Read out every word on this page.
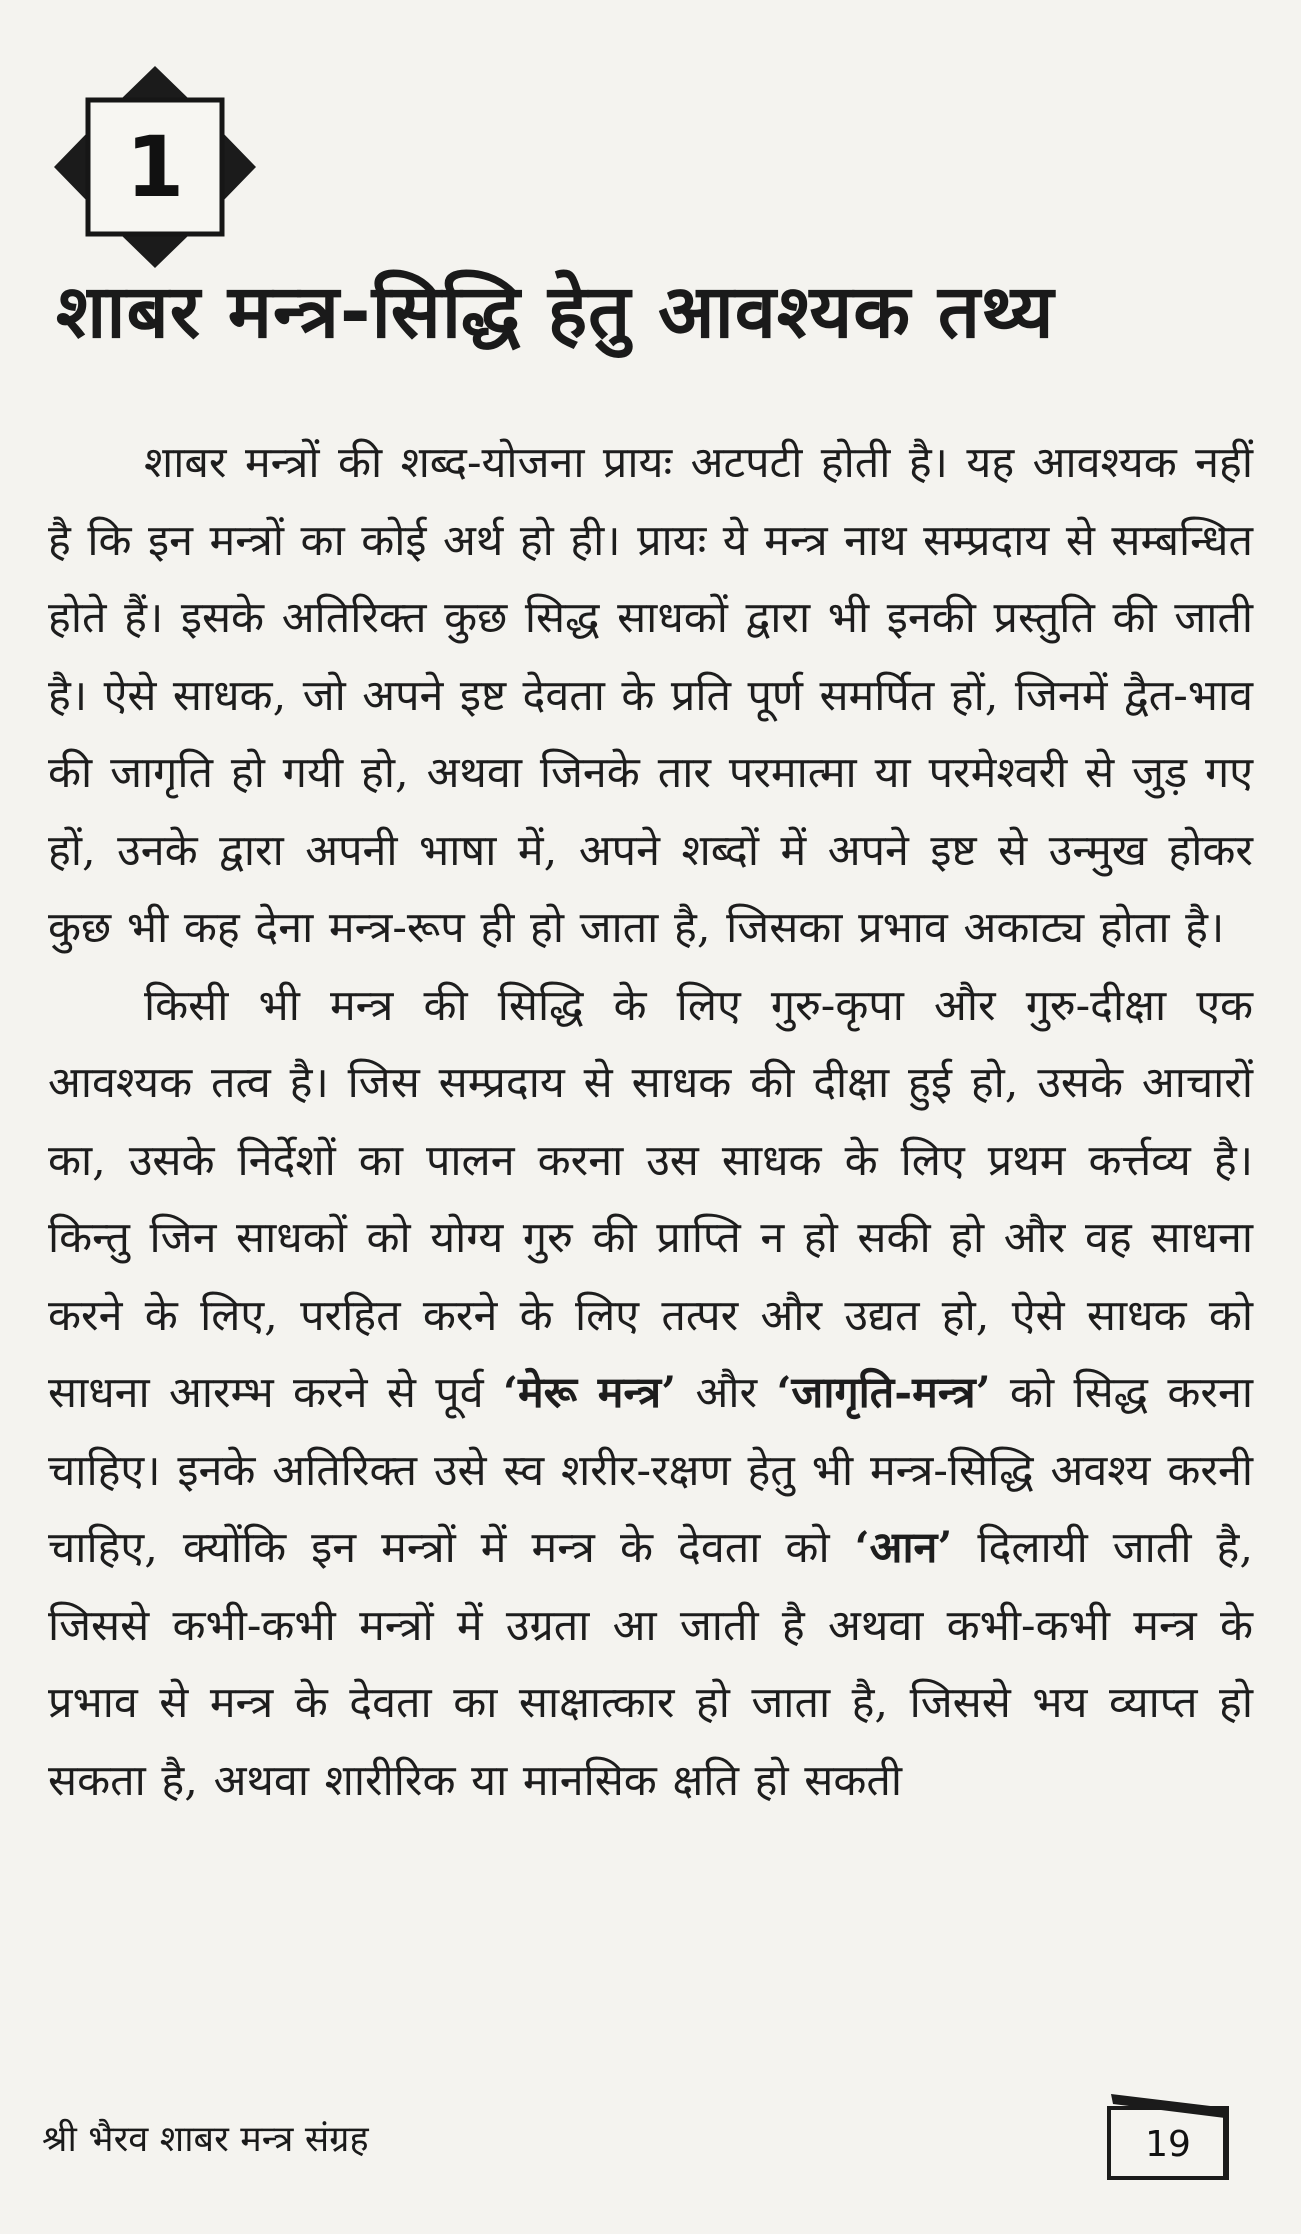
1
शाबर मन्त्र-सिद्धि हेतु आवश्यक तथ्य

शाबर मन्त्रों की शब्द-योजना प्रायः अटपटी होती है। यह आवश्यक नहीं है कि इन मन्त्रों का कोई अर्थ हो ही। प्रायः ये मन्त्र नाथ सम्प्रदाय से सम्बन्धित होते हैं। इसके अतिरिक्त कुछ सिद्ध साधकों द्वारा भी इनकी प्रस्तुति की जाती है। ऐसे साधक, जो अपने इष्ट देवता के प्रति पूर्ण समर्पित हों, जिनमें द्वैत-भाव की जागृति हो गयी हो, अथवा जिनके तार परमात्मा या परमेश्वरी से जुड़ गए हों, उनके द्वारा अपनी भाषा में, अपने शब्दों में अपने इष्ट से उन्मुख होकर कुछ भी कह देना मन्त्र-रूप ही हो जाता है, जिसका प्रभाव अकाट्य होता है।

किसी भी मन्त्र की सिद्धि के लिए गुरु-कृपा और गुरु-दीक्षा एक आवश्यक तत्व है। जिस सम्प्रदाय से साधक की दीक्षा हुई हो, उसके आचारों का, उसके निर्देशों का पालन करना उस साधक के लिए प्रथम कर्त्तव्य है। किन्तु जिन साधकों को योग्य गुरु की प्राप्ति न हो सकी हो और वह साधना करने के लिए, परहित करने के लिए तत्पर और उद्यत हो, ऐसे साधक को साधना आरम्भ करने से पूर्व ‘मेरू मन्त्र’ और ‘जागृति-मन्त्र’ को सिद्ध करना चाहिए। इनके अतिरिक्त उसे स्व शरीर-रक्षण हेतु भी मन्त्र-सिद्धि अवश्य करनी चाहिए, क्योंकि इन मन्त्रों में मन्त्र के देवता को ‘आन’ दिलायी जाती है, जिससे कभी-कभी मन्त्रों में उग्रता आ जाती है अथवा कभी-कभी मन्त्र के प्रभाव से मन्त्र के देवता का साक्षात्कार हो जाता है, जिससे भय व्याप्त हो सकता है, अथवा शारीरिक या मानसिक क्षति हो सकती

श्री भैरव शाबर मन्त्र संग्रह	19
